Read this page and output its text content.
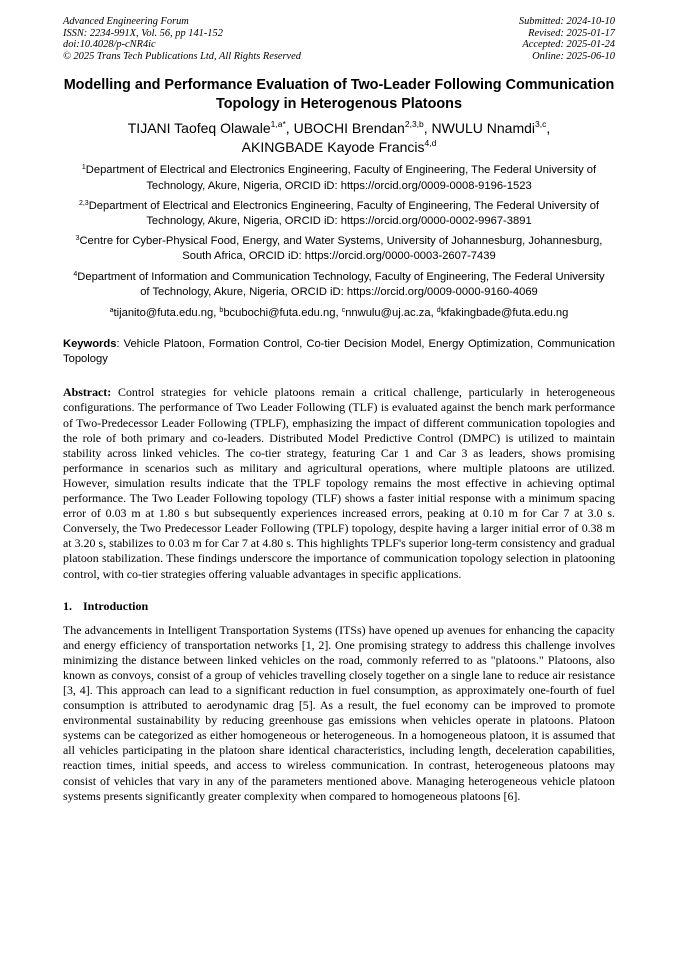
Advanced Engineering Forum
ISSN: 2234-991X, Vol. 56, pp 141-152
doi:10.4028/p-cNR4ic
© 2025 Trans Tech Publications Ltd, All Rights Reserved
Submitted: 2024-10-10
Revised: 2025-01-17
Accepted: 2025-01-24
Online: 2025-06-10
Modelling and Performance Evaluation of Two-Leader Following Communication Topology in Heterogenous Platoons
TIJANI Taofeq Olawale$^{1,a*}$, UBOCHI Brendan$^{2,3,b}$, NWULU Nnamdi$^{3,c}$,
AKINGBADE Kayode Francis$^{4,d}$
$^1$Department of Electrical and Electronics Engineering, Faculty of Engineering, The Federal University of Technology, Akure, Nigeria, ORCID iD: https://orcid.org/0009-0008-9196-1523
$^{2,3}$Department of Electrical and Electronics Engineering, Faculty of Engineering, The Federal University of Technology, Akure, Nigeria, ORCID iD: https://orcid.org/0000-0002-9967-3891
$^3$Centre for Cyber-Physical Food, Energy, and Water Systems, University of Johannesburg, Johannesburg, South Africa, ORCID iD: https://orcid.org/0000-0003-2607-7439
$^4$Department of Information and Communication Technology, Faculty of Engineering, The Federal University of Technology, Akure, Nigeria, ORCID iD: https://orcid.org/0009-0000-9160-4069
$^a$tijanito@futa.edu.ng, $^b$bcubochi@futa.edu.ng, $^c$nnwulu@uj.ac.za, $^d$kfakingbade@futa.edu.ng
Keywords: Vehicle Platoon, Formation Control, Co-tier Decision Model, Energy Optimization, Communication Topology
Abstract: Control strategies for vehicle platoons remain a critical challenge, particularly in heterogeneous configurations. The performance of Two Leader Following (TLF) is evaluated against the bench mark performance of Two-Predecessor Leader Following (TPLF), emphasizing the impact of different communication topologies and the role of both primary and co-leaders. Distributed Model Predictive Control (DMPC) is utilized to maintain stability across linked vehicles. The co-tier strategy, featuring Car 1 and Car 3 as leaders, shows promising performance in scenarios such as military and agricultural operations, where multiple platoons are utilized. However, simulation results indicate that the TPLF topology remains the most effective in achieving optimal performance. The Two Leader Following topology (TLF) shows a faster initial response with a minimum spacing error of 0.03 m at 1.80 s but subsequently experiences increased errors, peaking at 0.10 m for Car 7 at 3.0 s. Conversely, the Two Predecessor Leader Following (TPLF) topology, despite having a larger initial error of 0.38 m at 3.20 s, stabilizes to 0.03 m for Car 7 at 4.80 s. This highlights TPLF's superior long-term consistency and gradual platoon stabilization. These findings underscore the importance of communication topology selection in platooning control, with co-tier strategies offering valuable advantages in specific applications.
1. Introduction
The advancements in Intelligent Transportation Systems (ITSs) have opened up avenues for enhancing the capacity and energy efficiency of transportation networks [1, 2]. One promising strategy to address this challenge involves minimizing the distance between linked vehicles on the road, commonly referred to as "platoons." Platoons, also known as convoys, consist of a group of vehicles travelling closely together on a single lane to reduce air resistance [3, 4]. This approach can lead to a significant reduction in fuel consumption, as approximately one-fourth of fuel consumption is attributed to aerodynamic drag [5]. As a result, the fuel economy can be improved to promote environmental sustainability by reducing greenhouse gas emissions when vehicles operate in platoons. Platoon systems can be categorized as either homogeneous or heterogeneous. In a homogeneous platoon, it is assumed that all vehicles participating in the platoon share identical characteristics, including length, deceleration capabilities, reaction times, initial speeds, and access to wireless communication. In contrast, heterogeneous platoons may consist of vehicles that vary in any of the parameters mentioned above. Managing heterogeneous vehicle platoon systems presents significantly greater complexity when compared to homogeneous platoons [6].
